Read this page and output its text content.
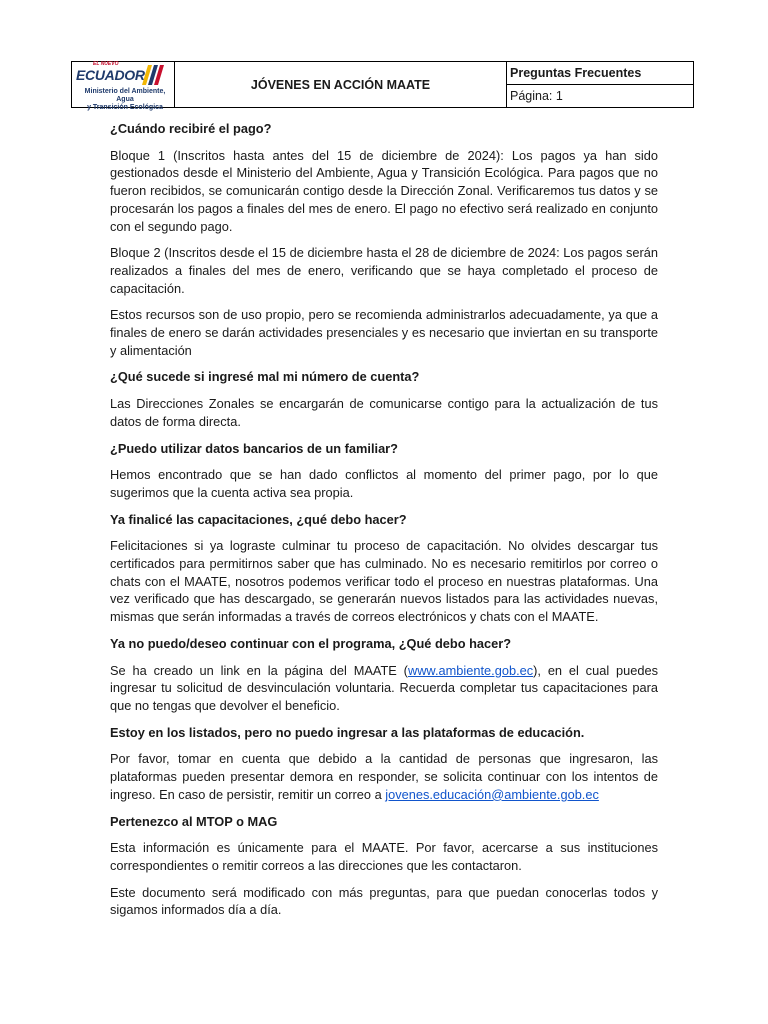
EL NUEVO
ECUADOR
Ministerio del Ambiente, Agua
y Transición Ecológica
JÓVENES EN ACCIÓN MAATE
Preguntas Frecuentes
Página: 1

¿Cuándo recibiré el pago?

Bloque 1 (Inscritos hasta antes del 15 de diciembre de 2024): Los pagos ya han sido gestionados desde el Ministerio del Ambiente, Agua y Transición Ecológica. Para pagos que no fueron recibidos, se comunicarán contigo desde la Dirección Zonal. Verificaremos tus datos y se procesarán los pagos a finales del mes de enero. El pago no efectivo será realizado en conjunto con el segundo pago.

Bloque 2 (Inscritos desde el 15 de diciembre hasta el 28 de diciembre de 2024: Los pagos serán realizados a finales del mes de enero, verificando que se haya completado el proceso de capacitación.

Estos recursos son de uso propio, pero se recomienda administrarlos adecuadamente, ya que a finales de enero se darán actividades presenciales y es necesario que inviertan en su transporte y alimentación

¿Qué sucede si ingresé mal mi número de cuenta?

Las Direcciones Zonales se encargarán de comunicarse contigo para la actualización de tus datos de forma directa.

¿Puedo utilizar datos bancarios de un familiar?

Hemos encontrado que se han dado conflictos al momento del primer pago, por lo que sugerimos que la cuenta activa sea propia.

Ya finalicé las capacitaciones, ¿qué debo hacer?

Felicitaciones si ya lograste culminar tu proceso de capacitación. No olvides descargar tus certificados para permitirnos saber que has culminado. No es necesario remitirlos por correo o chats con el MAATE, nosotros podemos verificar todo el proceso en nuestras plataformas. Una vez verificado que has descargado, se generarán nuevos listados para las actividades nuevas, mismas que serán informadas a través de correos electrónicos y chats con el MAATE.

Ya no puedo/deseo continuar con el programa, ¿Qué debo hacer?

Se ha creado un link en la página del MAATE (www.ambiente.gob.ec), en el cual puedes ingresar tu solicitud de desvinculación voluntaria. Recuerda completar tus capacitaciones para que no tengas que devolver el beneficio.

Estoy en los listados, pero no puedo ingresar a las plataformas de educación.

Por favor, tomar en cuenta que debido a la cantidad de personas que ingresaron, las plataformas pueden presentar demora en responder, se solicita continuar con los intentos de ingreso. En caso de persistir, remitir un correo a jovenes.educación@ambiente.gob.ec

Pertenezco al MTOP o MAG

Esta información es únicamente para el MAATE. Por favor, acercarse a sus instituciones correspondientes o remitir correos a las direcciones que les contactaron.

Este documento será modificado con más preguntas, para que puedan conocerlas todos y sigamos informados día a día.
